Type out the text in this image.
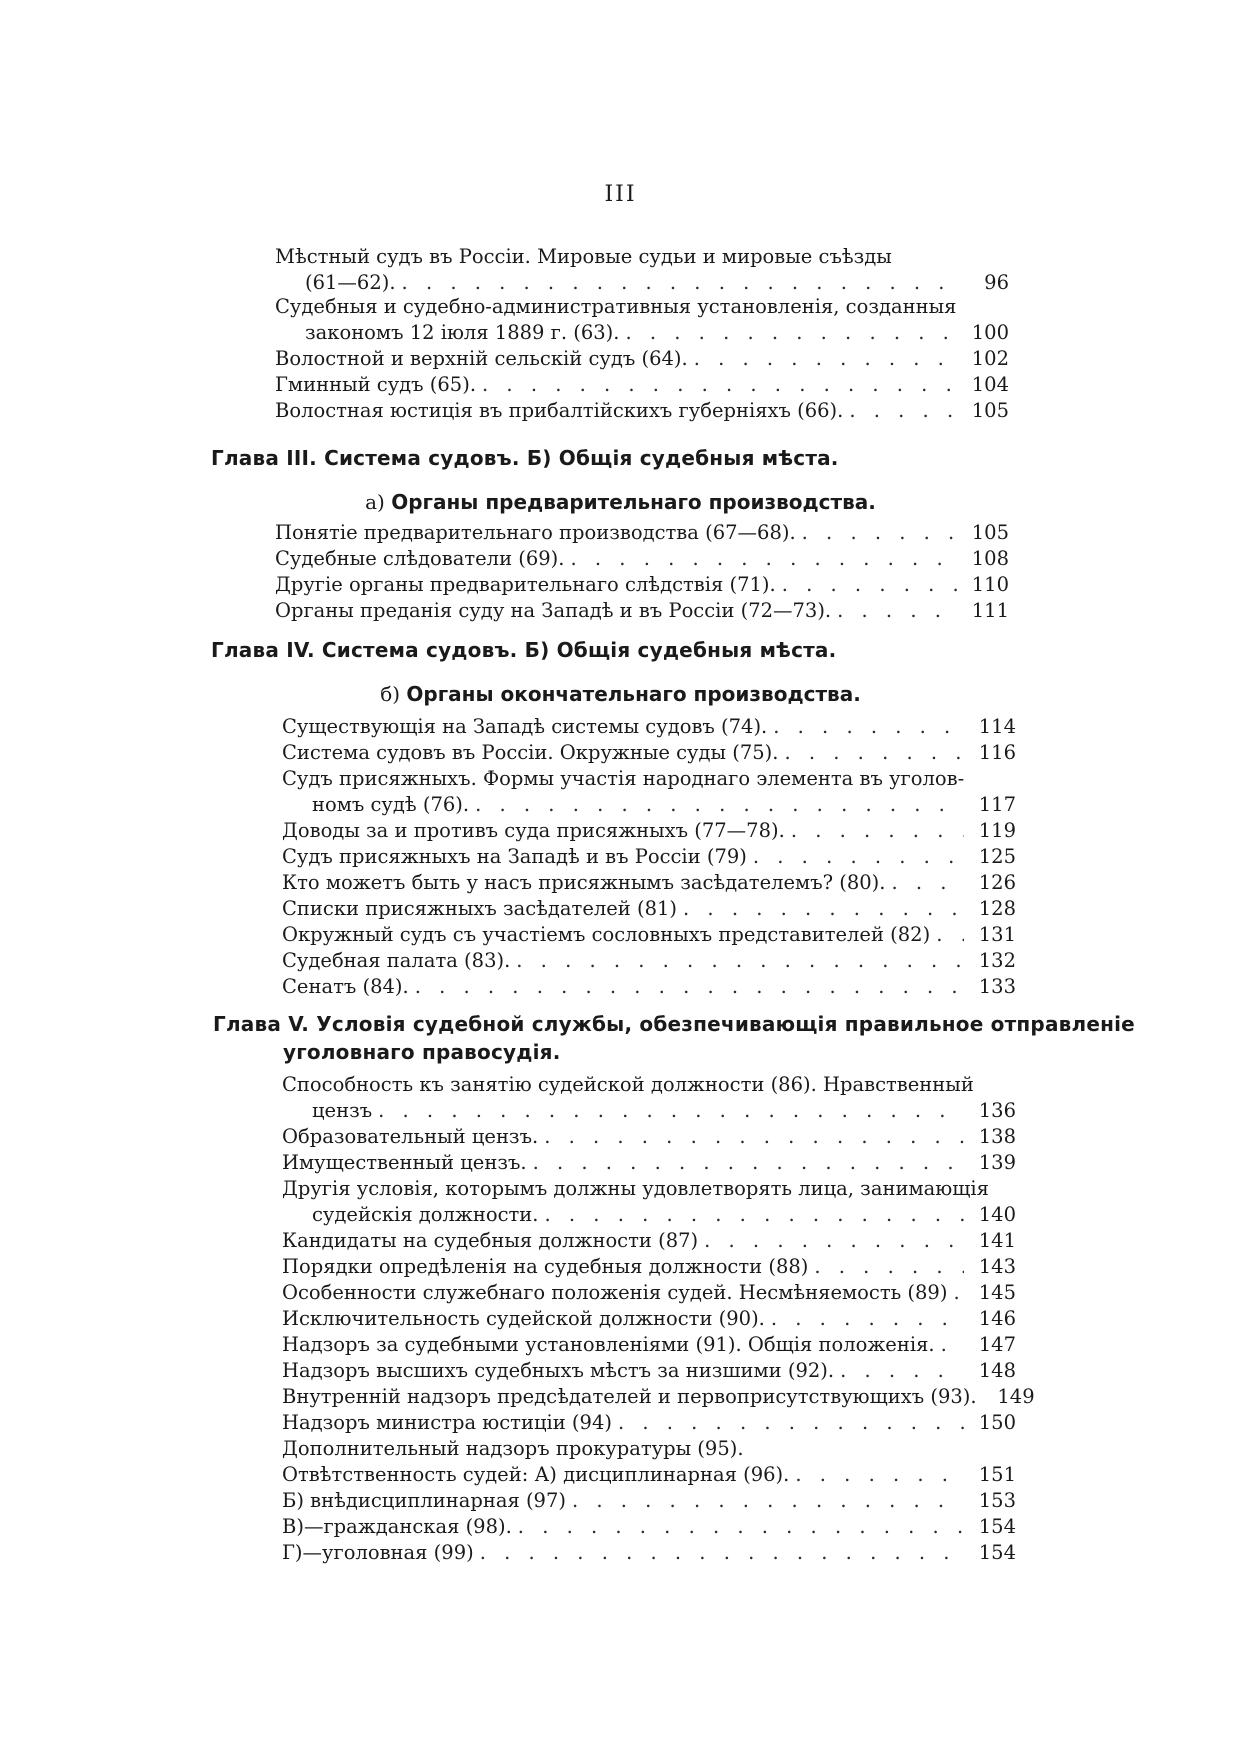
III
Мѣстный судъ въ Россіи. Мировые судьи и мировые съѣзды
(61—62). . . .	96
Судебныя и судебно-административныя установленія, созданныя
закономъ 12 іюля 1889 г. (63). . . .	100
Волостной и верхній сельскій судъ (64). . . .	102
Гминный судъ (65). . . .	104
Волостная юстиція въ прибалтійскихъ губерніяхъ (66). . . .	105
Глава III. Система судовъ. Б) Общія судебныя мѣста.
а) Органы предварительнаго производства.
Понятіе предварительнаго производства (67—68). . . .	105
Судебные слѣдователи (69). . . .	108
Другіе органы предварительнаго слѣдствія (71). . . .	110
Органы преданія суду на Западѣ и въ Россіи (72—73). . . .	111
Глава IV. Система судовъ. Б) Общія судебныя мѣста.
б) Органы окончательнаго производства.
Существующія на Западѣ системы судовъ (74). . . .	114
Система судовъ въ Россіи. Окружные суды (75). . . .	116
Судъ присяжныхъ. Формы участія народнаго элемента въ уголов-
номъ судѣ (76). . . .	117
Доводы за и противъ суда присяжныхъ (77—78). . . .	119
Судъ присяжныхъ на Западѣ и въ Россіи (79) . . .	125
Кто можетъ быть у насъ присяжнымъ засѣдателемъ? (80). . . .	126
Списки присяжныхъ засѣдателей (81) . . .	128
Окружный судъ съ участіемъ сословныхъ представителей (82) . . .	131
Судебная палата (83). . . .	132
Сенатъ (84). . . .	133
Глава V. Условія судебной службы, обезпечивающія правильное отправленіе
уголовнаго правосудія.
Способность къ занятію судейской должности (86). Нравственный
цензъ . . .	136
Образовательный цензъ. . . .	138
Имущественный цензъ. . . .	139
Другія условія, которымъ должны удовлетворять лица, занимающія
судейскія должности. . . .	140
Кандидаты на судебныя должности (87) . . .	141
Порядки опредѣленія на судебныя должности (88) . . .	143
Особенности служебнаго положенія судей. Несмѣняемость (89) . . .	145
Исключительность судейской должности (90). . . .	146
Надзоръ за судебными установленіями (91). Общія положенія. . . .	147
Надзоръ высшихъ судебныхъ мѣстъ за низшими (92). . . .	148
Внутренній надзоръ предсѣдателей и первоприсутствующихъ (93).	149
Надзоръ министра юстиціи (94) . . .	150
Дополнительный надзоръ прокуратуры (95).
Отвѣтственность судей: А) дисциплинарная (96). . . .	151
Б) внѣдисциплинарная (97) . . .	153
В)—гражданская (98). . . .	154
Г)—уголовная (99) . . .	154
